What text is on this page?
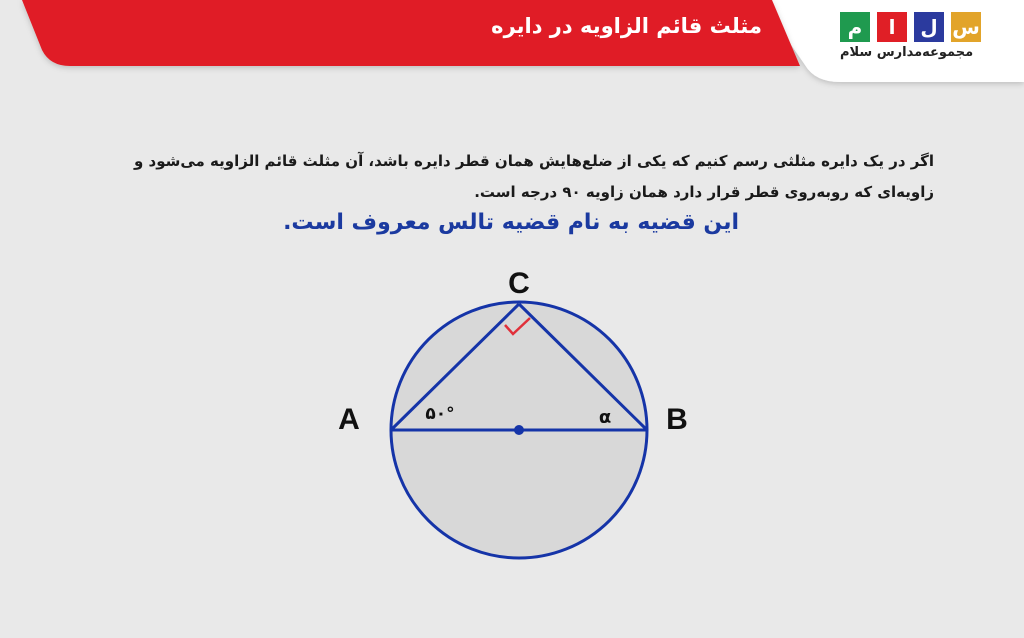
مثلث قائم الزاویه در دایره	م	ا	ل س
مجموعه‌مدارس سلام
اگر در یک دایره مثلثی رسم کنیم که یکی از ضلع‌هایش همان قطر دایره باشد، آن مثلث قائم الزاویه می‌شود و زاویه‌ای که روبه‌روی قطر قرار دارد همان زاویه ۹۰ درجه است.
این قضیه به نام قضیه تالس معروف است.
C
A	B
۵۰°	α
